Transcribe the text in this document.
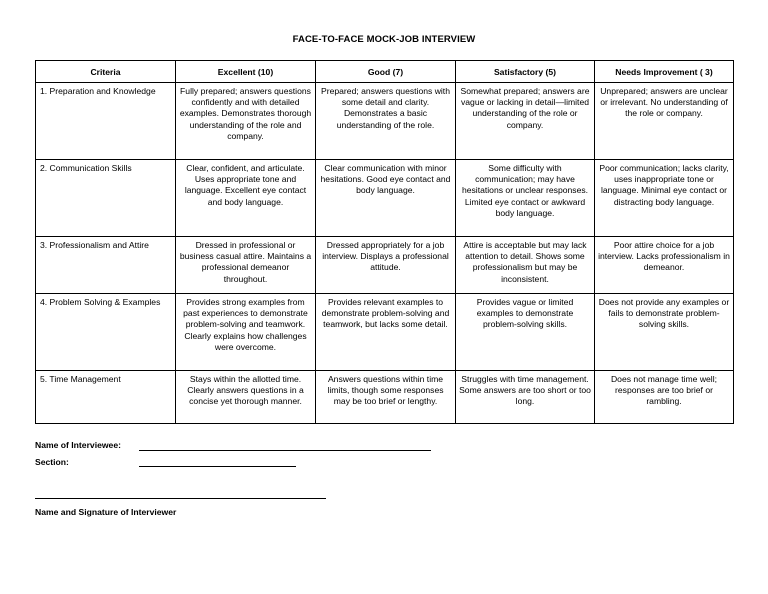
FACE-TO-FACE MOCK-JOB INTERVIEW
Criteria	Excellent (10)	Good (7)	Satisfactory (5)	Needs Improvement ( 3)
1. Preparation and Knowledge	Fully prepared; answers questions confidently and with detailed examples. Demonstrates thorough understanding of the role and company.	Prepared; answers questions with some detail and clarity. Demonstrates a basic understanding of the role.	Somewhat prepared; answers are vague or lacking in detail—limited understanding of the role or company.	Unprepared; answers are unclear or irrelevant. No understanding of the role or company.
2. Communication Skills	Clear, confident, and articulate. Uses appropriate tone and language. Excellent eye contact and body language.	Clear communication with minor hesitations. Good eye contact and body language.	Some difficulty with communication; may have hesitations or unclear responses. Limited eye contact or awkward body language.	Poor communication; lacks clarity, uses inappropriate tone or language. Minimal eye contact or distracting body language.
3. Professionalism and Attire	Dressed in professional or business casual attire. Maintains a professional demeanor throughout.	Dressed appropriately for a job interview. Displays a professional attitude.	Attire is acceptable but may lack attention to detail. Shows some professionalism but may be inconsistent.	Poor attire choice for a job interview. Lacks professionalism in demeanor.
4. Problem Solving & Examples	Provides strong examples from past experiences to demonstrate problem-solving and teamwork. Clearly explains how challenges were overcome.	Provides relevant examples to demonstrate problem-solving and teamwork, but lacks some detail.	Provides vague or limited examples to demonstrate problem-solving skills.	Does not provide any examples or fails to demonstrate problem-solving skills.
5. Time Management	Stays within the allotted time. Clearly answers questions in a concise yet thorough manner.	Answers questions within time limits, though some responses may be too brief or lengthy.	Struggles with time management. Some answers are too short or too long.	Does not manage time well; responses are too brief or rambling.
Name of Interviewee:
Section:
Name and Signature of Interviewer
